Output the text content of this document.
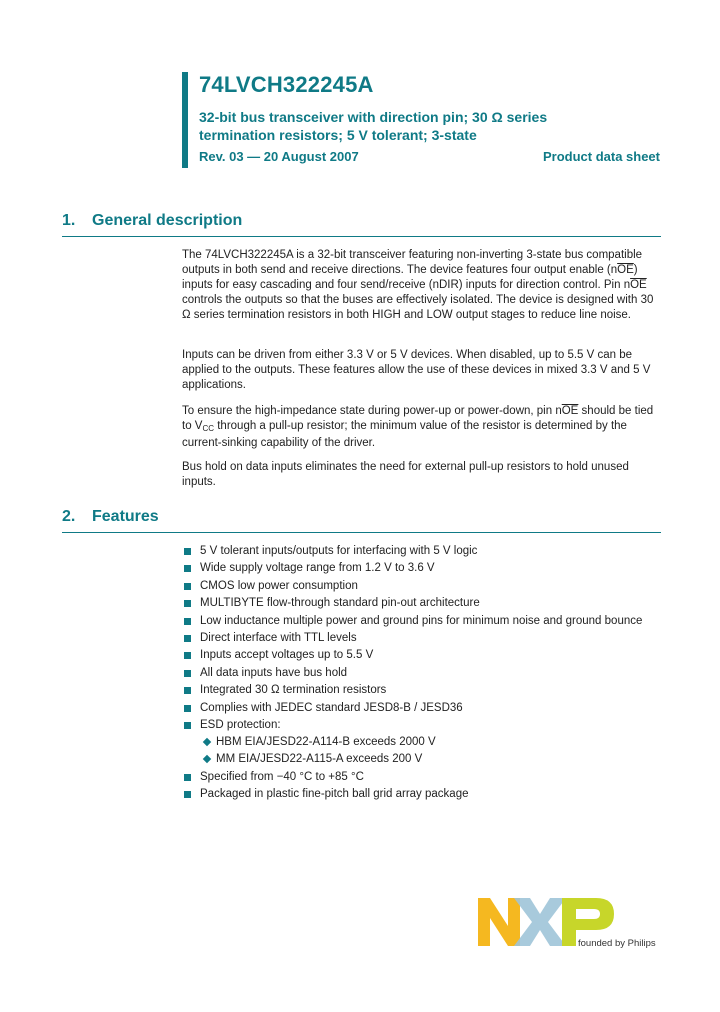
74LVCH322245A
32-bit bus transceiver with direction pin; 30 Ω series
termination resistors; 5 V tolerant; 3-state
Rev. 03 — 20 August 2007	Product data sheet
1. General description
The 74LVCH322245A is a 32-bit transceiver featuring non-inverting 3-state bus compatible outputs in both send and receive directions. The device features four output enable $(n\overline{OE})$ inputs for easy cascading and four send/receive (nDIR) inputs for direction control. Pin $n\overline{OE}$ controls the outputs so that the buses are effectively isolated. The device is designed with 30 Ω series termination resistors in both HIGH and LOW output stages to reduce line noise.
Inputs can be driven from either 3.3 V or 5 V devices. When disabled, up to 5.5 V can be applied to the outputs. These features allow the use of these devices in mixed 3.3 V and 5 V applications.
To ensure the high-impedance state during power-up or power-down, pin $n\overline{OE}$ should be tied to $V_{CC}$ through a pull-up resistor; the minimum value of the resistor is determined by the current-sinking capability of the driver.
Bus hold on data inputs eliminates the need for external pull-up resistors to hold unused inputs.
2. Features
5 V tolerant inputs/outputs for interfacing with 5 V logic
Wide supply voltage range from 1.2 V to 3.6 V
CMOS low power consumption
MULTIBYTE flow-through standard pin-out architecture
Low inductance multiple power and ground pins for minimum noise and ground bounce
Direct interface with TTL levels
Inputs accept voltages up to 5.5 V
All data inputs have bus hold
Integrated 30 Ω termination resistors
Complies with JEDEC standard JESD8-B / JESD36
ESD protection:
HBM EIA/JESD22-A114-B exceeds 2000 V
MM EIA/JESD22-A115-A exceeds 200 V
Specified from −40 °C to +85 °C
Packaged in plastic fine-pitch ball grid array package
founded by Philips
